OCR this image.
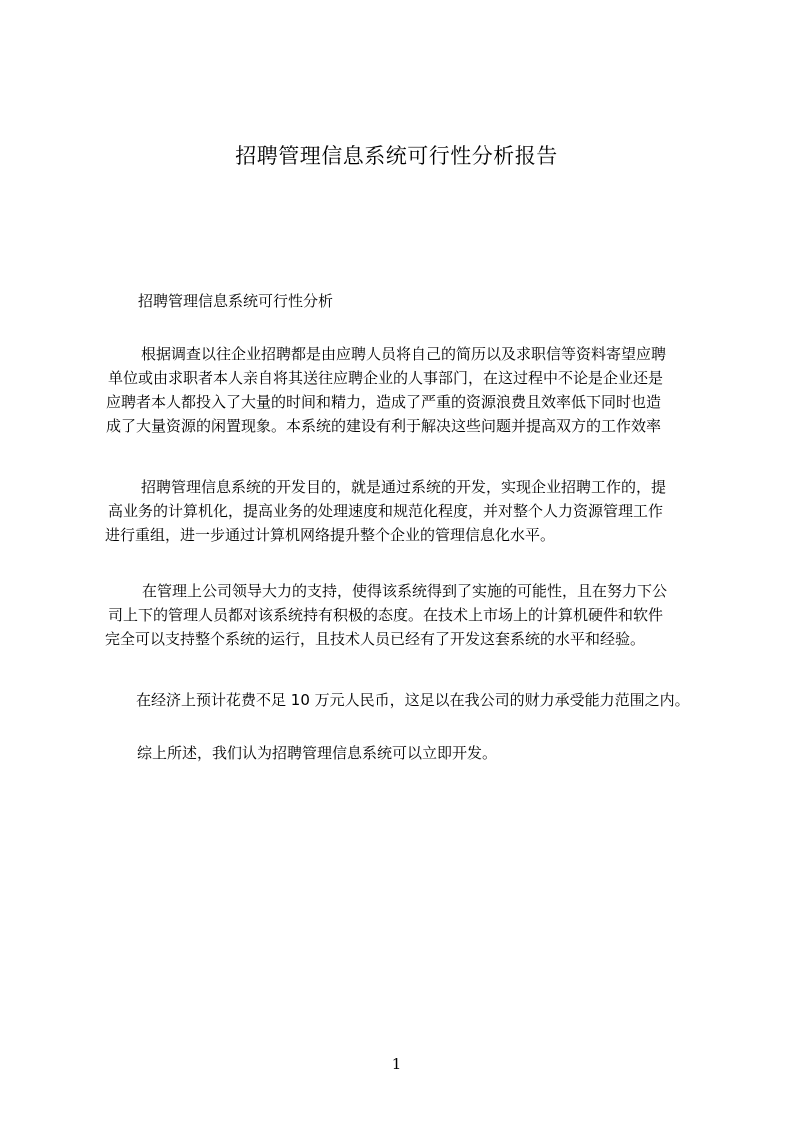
招聘管理信息系统可行性分析报告
招聘管理信息系统可行性分析
根据调查以往企业招聘都是由应聘人员将自己的简历以及求职信等资料寄望应聘
单位或由求职者本人亲自将其送往应聘企业的人事部门，在这过程中不论是企业还是
应聘者本人都投入了大量的时间和精力，造成了严重的资源浪费且效率低下同时也造
成了大量资源的闲置现象。本系统的建设有利于解决这些问题并提高双方的工作效率
招聘管理信息系统的开发目的，就是通过系统的开发，实现企业招聘工作的，提
高业务的计算机化，提高业务的处理速度和规范化程度，并对整个人力资源管理工作
进行重组，进一步通过计算机网络提升整个企业的管理信息化水平。
在管理上公司领导大力的支持，使得该系统得到了实施的可能性，且在努力下公
司上下的管理人员都对该系统持有积极的态度。在技术上市场上的计算机硬件和软件
完全可以支持整个系统的运行，且技术人员已经有了开发这套系统的水平和经验。
在经济上预计花费不足 10 万元人民币，这足以在我公司的财力承受能力范围之内。
综上所述，我们认为招聘管理信息系统可以立即开发。
1
